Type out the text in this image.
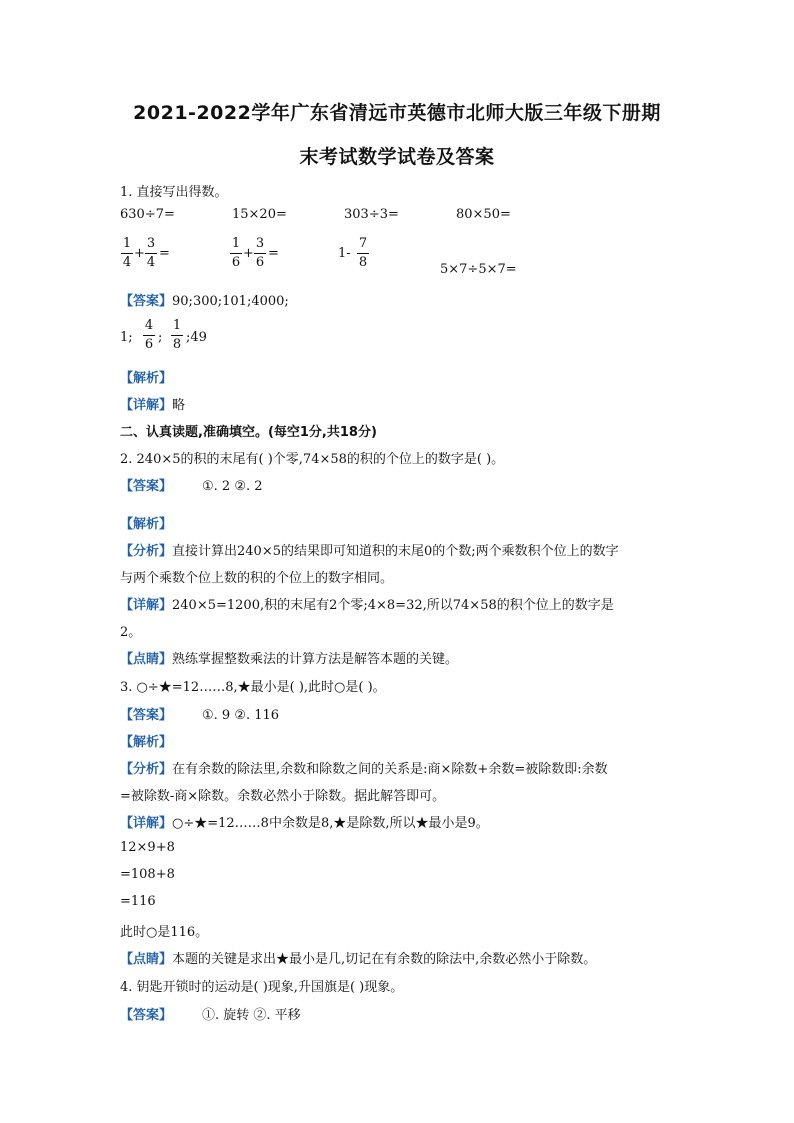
2021-2022学年广东省清远市英德市北师大版三年级下册期
末考试数学试卷及答案
1. 直接写出得数。
630÷7=	15×20=	303÷3=	80×50=
1
4
+
3
4
=
1
6
+
3
6
=	1-
7
8	5×7÷5×7=
【答案】90;300;101;4000;
1;
4
6 ;
1
8 ;49
【解析】
【详解】略
二、认真读题,准确填空。(每空1分,共18分)
2. 240×5的积的末尾有( )个零,74×58的积的个位上的数字是( )。
【答案】 ①. 2 ②. 2
【解析】
【分析】直接计算出240×5的结果即可知道积的末尾0的个数;两个乘数积个位上的数字
与两个乘数个位上数的积的个位上的数字相同。
【详解】240×5=1200,积的末尾有2个零;4×8=32,所以74×58的积个位上的数字是
2。
【点睛】熟练掌握整数乘法的计算方法是解答本题的关键。
3. ○÷★=12……8,★最小是( ),此时○是( )。
【答案】 ①. 9 ②. 116
【解析】
【分析】在有余数的除法里,余数和除数之间的关系是:商×除数+余数=被除数即:余数
=被除数-商×除数。余数必然小于除数。据此解答即可。
【详解】○÷★=12……8中余数是8,★是除数,所以★最小是9。
12×9+8
=108+8
=116
此时○是116。
【点睛】本题的关键是求出★最小是几,切记在有余数的除法中,余数必然小于除数。
4. 钥匙开锁时的运动是( )现象,升国旗是( )现象。
【答案】 ①. 旋转 ②. 平移
